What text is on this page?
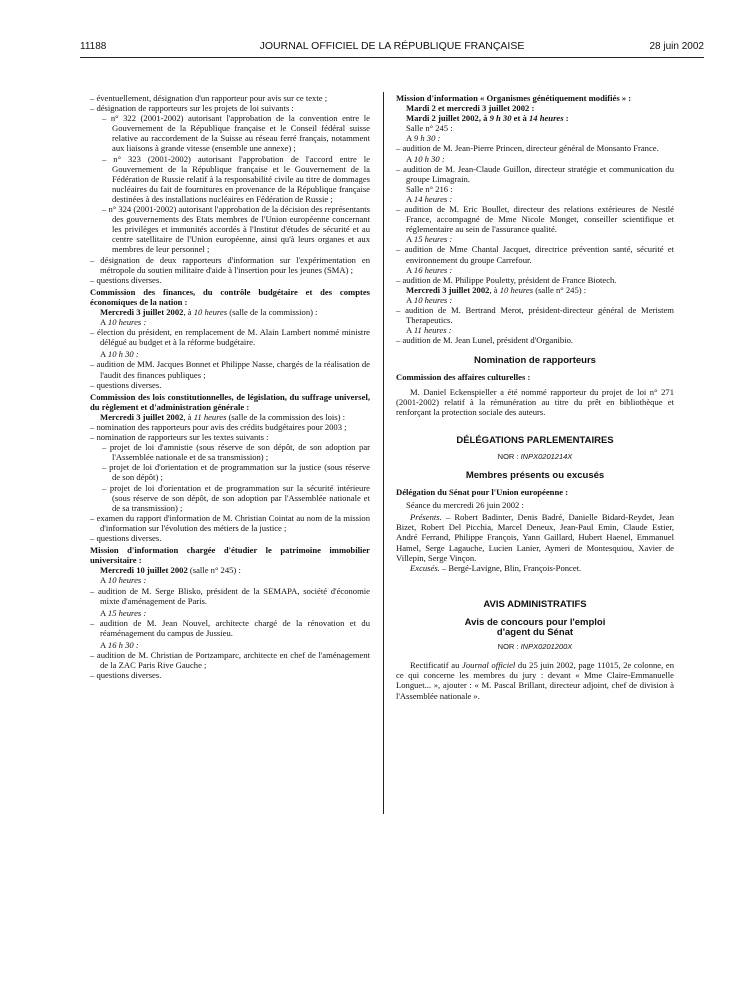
11188	JOURNAL OFFICIEL DE LA RÉPUBLIQUE FRANÇAISE	28 juin 2002

– éventuellement, désignation d'un rapporteur pour avis sur ce texte ;

– désignation de rapporteurs sur les projets de loi suivants :

– n° 322 (2001-2002) autorisant l'approbation de la convention entre le Gouvernement de la République française et le Conseil fédéral suisse relative au raccordement de la Suisse au réseau ferré français, notamment aux liaisons à grande vitesse (ensemble une annexe) ;

– n° 323 (2001-2002) autorisant l'approbation de l'accord entre le Gouvernement de la République française et le Gouvernement de la Fédération de Russie relatif à la responsabilité civile au titre de dommages nucléaires du fait de fournitures en provenance de la République française destinées à des installations nucléaires en Fédération de Russie ;

– n° 324 (2001-2002) autorisant l'approbation de la décision des représentants des gouvernements des Etats membres de l'Union européenne concernant les privilèges et immunités accordés à l'Institut d'études de sécurité et au centre satellitaire de l'Union européenne, ainsi qu'à leurs organes et aux membres de leur personnel ;

– désignation de deux rapporteurs d'information sur l'expérimentation en métropole du soutien militaire d'aide à l'insertion pour les jeunes (SMA) ;

– questions diverses.

Commission des finances, du contrôle budgétaire et des comptes économiques de la nation :

Mercredi 3 juillet 2002, à 10 heures (salle de la commission) :

A 10 heures :

– élection du président, en remplacement de M. Alain Lambert nommé ministre délégué au budget et à la réforme budgétaire.

A 10 h 30 :

– audition de MM. Jacques Bonnet et Philippe Nasse, chargés de la réalisation de l'audit des finances publiques ;

– questions diverses.

Commission des lois constitutionnelles, de législation, du suffrage universel, du règlement et d'administration générale :

Mercredi 3 juillet 2002, à 11 heures (salle de la commission des lois) :

– nomination des rapporteurs pour avis des crédits budgétaires pour 2003 ;

– nomination de rapporteurs sur les textes suivants :

– projet de loi d'amnistie (sous réserve de son dépôt, de son adoption par l'Assemblée nationale et de sa transmission) ;

– projet de loi d'orientation et de programmation sur la justice (sous réserve de son dépôt) ;

– projet de loi d'orientation et de programmation sur la sécurité intérieure (sous réserve de son dépôt, de son adoption par l'Assemblée nationale et de sa transmission) ;

– examen du rapport d'information de M. Christian Cointat au nom de la mission d'information sur l'évolution des métiers de la justice ;

– questions diverses.

Mission d'information chargée d'étudier le patrimoine immobilier universitaire :

Mercredi 10 juillet 2002 (salle n° 245) :

A 10 heures :

– audition de M. Serge Blisko, président de la SEMAPA, société d'économie mixte d'aménagement de Paris.

A 15 heures :

– audition de M. Jean Nouvel, architecte chargé de la rénovation et du réaménagement du campus de Jussieu.

A 16 h 30 :

– audition de M. Christian de Portzamparc, architecte en chef de l'aménagement de la ZAC Paris Rive Gauche ;

– questions diverses.

Mission d'information « Organismes génétiquement modifiés » :

Mardi 2 et mercredi 3 juillet 2002 :

Mardi 2 juillet 2002, à 9 h 30 et à 14 heures :

Salle n° 245 :

A 9 h 30 :

– audition de M. Jean-Pierre Princen, directeur général de Monsanto France.

A 10 h 30 :

– audition de M. Jean-Claude Guillon, directeur stratégie et communication du groupe Limagrain.

Salle n° 216 :

A 14 heures :

– audition de M. Eric Boullet, directeur des relations extérieures de Nestlé France, accompagné de Mme Nicole Monget, conseiller scientifique et réglementaire au sein de l'assurance qualité.

A 15 heures :

– audition de Mme Chantal Jacquet, directrice prévention santé, sécurité et environnement du groupe Carrefour.

A 16 heures :

– audition de M. Philippe Pouletty, président de France Biotech.

Mercredi 3 juillet 2002, à 10 heures (salle n° 245) :

A 10 heures :

– audition de M. Bertrand Merot, président-directeur général de Meristem Therapeutics.

A 11 heures :

– audition de M. Jean Lunel, président d'Organibio.

Nomination de rapporteurs

Commission des affaires culturelles :

M. Daniel Eckenspieller a été nommé rapporteur du projet de loi n° 271 (2001-2002) relatif à la rémunération au titre du prêt en bibliothèque et renforçant la protection sociale des auteurs.

DÉLÉGATIONS PARLEMENTAIRES

NOR : INPX0201214X

Membres présents ou excusés

Délégation du Sénat pour l'Union européenne :

Séance du mercredi 26 juin 2002 :

Présents. – Robert Badinter, Denis Badré, Danielle Bidard-Reydet, Jean Bizet, Robert Del Picchia, Marcel Deneux, Jean-Paul Emin, Claude Estier, André Ferrand, Philippe François, Yann Gaillard, Hubert Haenel, Emmanuel Hamel, Serge Lagauche, Lucien Lanier, Aymeri de Montesquiou, Xavier de Villepin, Serge Vinçon.

Excusés. – Bergé-Lavigne, Blin, François-Poncet.

AVIS ADMINISTRATIFS

Avis de concours pour l'emploi d'agent du Sénat

NOR : INPX0201200X

Rectificatif au Journal officiel du 25 juin 2002, page 11015, 2e colonne, en ce qui concerne les membres du jury : devant « Mme Claire-Emmanuelle Longuet... », ajouter : « M. Pascal Brillant, directeur adjoint, chef de division à l'Assemblée nationale ».
